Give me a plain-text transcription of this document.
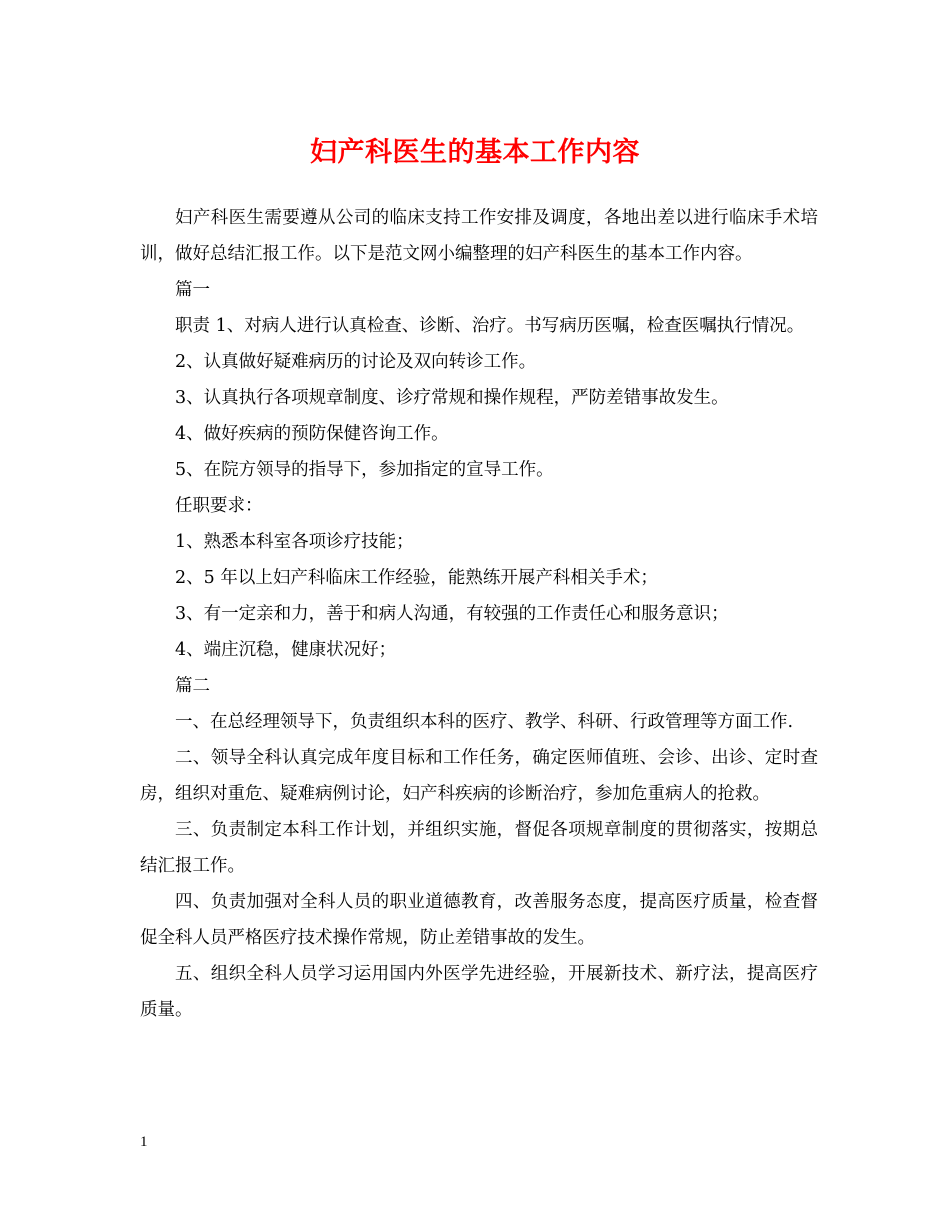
妇产科医生的基本工作内容

妇产科医生需要遵从公司的临床支持工作安排及调度，各地出差以进行临床手术培训，做好总结汇报工作。以下是范文网小编整理的妇产科医生的基本工作内容。

篇一

职责 1、对病人进行认真检查、诊断、治疗。书写病历医嘱，检查医嘱执行情况。

2、认真做好疑难病历的讨论及双向转诊工作。

3、认真执行各项规章制度、诊疗常规和操作规程，严防差错事故发生。

4、做好疾病的预防保健咨询工作。

5、在院方领导的指导下，参加指定的宣导工作。

任职要求：

1、熟悉本科室各项诊疗技能；

2、5 年以上妇产科临床工作经验，能熟练开展产科相关手术；

3、有一定亲和力，善于和病人沟通，有较强的工作责任心和服务意识；

4、端庄沉稳，健康状况好；

篇二

一、在总经理领导下，负责组织本科的医疗、教学、科研、行政管理等方面工作.

二、领导全科认真完成年度目标和工作任务，确定医师值班、会诊、出诊、定时查房，组织对重危、疑难病例讨论，妇产科疾病的诊断治疗，参加危重病人的抢救。

三、负责制定本科工作计划，并组织实施，督促各项规章制度的贯彻落实，按期总结汇报工作。

四、负责加强对全科人员的职业道德教育，改善服务态度，提高医疗质量，检查督促全科人员严格医疗技术操作常规，防止差错事故的发生。

五、组织全科人员学习运用国内外医学先进经验，开展新技术、新疗法，提高医疗质量。

1
